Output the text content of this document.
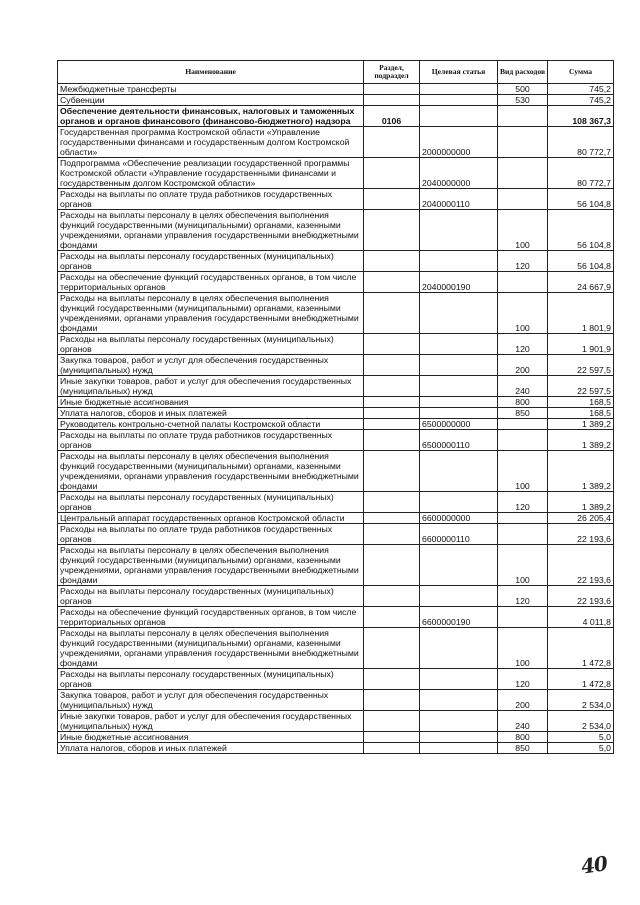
Наименование	Раздел, подраздел	Целевая статья	Вид расходов	Сумма
Межбюджетные трансферты			500	745,2
Субвенции			530	745,2
Обеспечение деятельности финансовых, налоговых и таможенных органов и органов финансового (финансово-бюджетного) надзора	0106			108 367,3
Государственная программа Костромской области «Управление государственными финансами и государственным долгом Костромской области»		2000000000		80 772,7
Подпрограмма «Обеспечение реализации государственной программы Костромской области «Управление государственными финансами и государственным долгом Костромской области»		2040000000		80 772,7
Расходы на выплаты по оплате труда работников государственных органов		2040000110		56 104,8
Расходы на выплаты персоналу в целях обеспечения выполнения функций государственными (муниципальными) органами, казенными учреждениями, органами управления государственными внебюджетными фондами			100	56 104,8
Расходы на выплаты персоналу государственных (муниципальных) органов			120	56 104,8
Расходы на обеспечение функций государственных органов, в том числе территориальных органов		2040000190		24 667,9
Расходы на выплаты персоналу в целях обеспечения выполнения функций государственными (муниципальными) органами, казенными учреждениями, органами управления государственными внебюджетными фондами			100	1 801,9
Расходы на выплаты персоналу государственных (муниципальных) органов			120	1 901,9
Закупка товаров, работ и услуг для обеспечения государственных (муниципальных) нужд			200	22 597,5
Иные закупки товаров, работ и услуг для обеспечения государственных (муниципальных) нужд			240	22 597,5
Иные бюджетные ассигнования			800	168,5
Уплата налогов, сборов и иных платежей			850	168,5
Руководитель контрольно-счетной палаты Костромской области		6500000000		1 389,2
Расходы на выплаты по оплате труда работников государственных органов		6500000110		1 389,2
Расходы на выплаты персоналу в целях обеспечения выполнения функций государственными (муниципальными) органами, казенными учреждениями, органами управления государственными внебюджетными фондами			100	1 389,2
Расходы на выплаты персоналу государственных (муниципальных) органов			120	1 389,2
Центральный аппарат государственных органов Костромской области		6600000000		26 205,4
Расходы на выплаты по оплате труда работников государственных органов		6600000110		22 193,6
Расходы на выплаты персоналу в целях обеспечения выполнения функций государственными (муниципальными) органами, казенными учреждениями, органами управления государственными внебюджетными фондами			100	22 193,6
Расходы на выплаты персоналу государственных (муниципальных) органов			120	22 193,6
Расходы на обеспечение функций государственных органов, в том числе территориальных органов		6600000190		4 011,8
Расходы на выплаты персоналу в целях обеспечения выполнения функций государственными (муниципальными) органами, казенными учреждениями, органами управления государственными внебюджетными фондами			100	1 472,8
Расходы на выплаты персоналу государственных (муниципальных) органов			120	1 472,8
Закупка товаров, работ и услуг для обеспечения государственных (муниципальных) нужд			200	2 534,0
Иные закупки товаров, работ и услуг для обеспечения государственных (муниципальных) нужд			240	2 534,0
Иные бюджетные ассигнования			800	5,0
Уплата налогов, сборов и иных платежей			850	5,0
40
